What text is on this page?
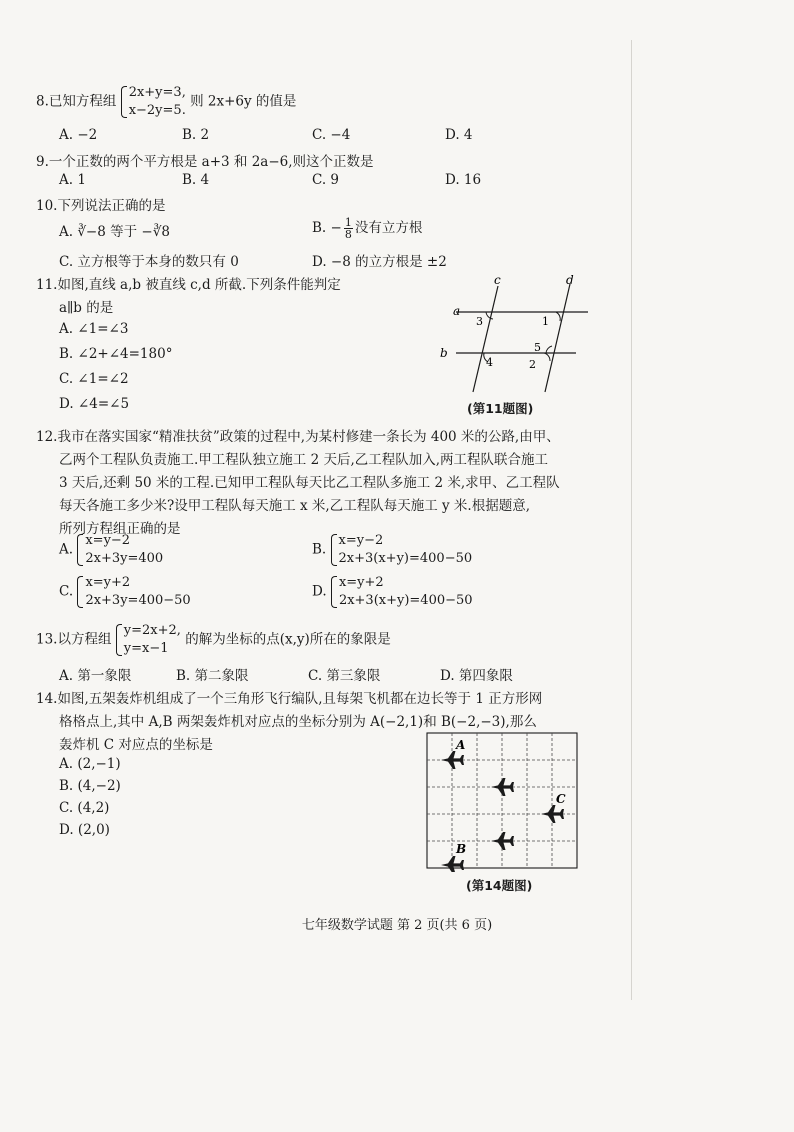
8.已知方程组
2x+y=3,
x−2y=5.
则 2x+6y 的值是
A. −2	B. 2	C. −4	D. 4
9.一个正数的两个平方根是 a+3 和 2a−6,则这个正数是
A. 1	B. 4	C. 9	D. 16
10.下列说法正确的是
A. ∛−8 等于 −∛8	B. − $\frac{1}{8}$ 没有立方根
C. 立方根等于本身的数只有 0	D. −8 的立方根是 ±2
11.如图,直线 a,b 被直线 c,d 所截.下列条件能判定
a∥b 的是
A. ∠1=∠3
B. ∠2+∠4=180°
C. ∠1=∠2
D. ∠4=∠5
c	d
a
b
3	1
5
4	2
(第11题图)
12.我市在落实国家“精准扶贫”政策的过程中,为某村修建一条长为 400 米的公路,由甲、
乙两个工程队负责施工.甲工程队独立施工 2 天后,乙工程队加入,两工程队联合施工
3 天后,还剩 50 米的工程.已知甲工程队每天比乙工程队多施工 2 米,求甲、乙工程队
每天各施工多少米?设甲工程队每天施工 x 米,乙工程队每天施工 y 米.根据题意,
所列方程组正确的是
A.
x=y−2
2x+3y=400
B.
x=y−2
2x+3(x+y)=400−50
C.
x=y+2
2x+3y=400−50
D.
x=y+2
2x+3(x+y)=400−50
13.以方程组
y=2x+2,
y=x−1
的解为坐标的点(x,y)所在的象限是
A. 第一象限	B. 第二象限	C. 第三象限	D. 第四象限
14.如图,五架轰炸机组成了一个三角形飞行编队,且每架飞机都在边长等于 1 正方形网
格格点上,其中 A,B 两架轰炸机对应点的坐标分别为 A(−2,1)和 B(−2,−3),那么
轰炸机 C 对应点的坐标是
A. (2,−1)
B. (4,−2)
C. (4,2)
D. (2,0)
A
C
B
(第14题图)
七年级数学试题 第 2 页(共 6 页)
